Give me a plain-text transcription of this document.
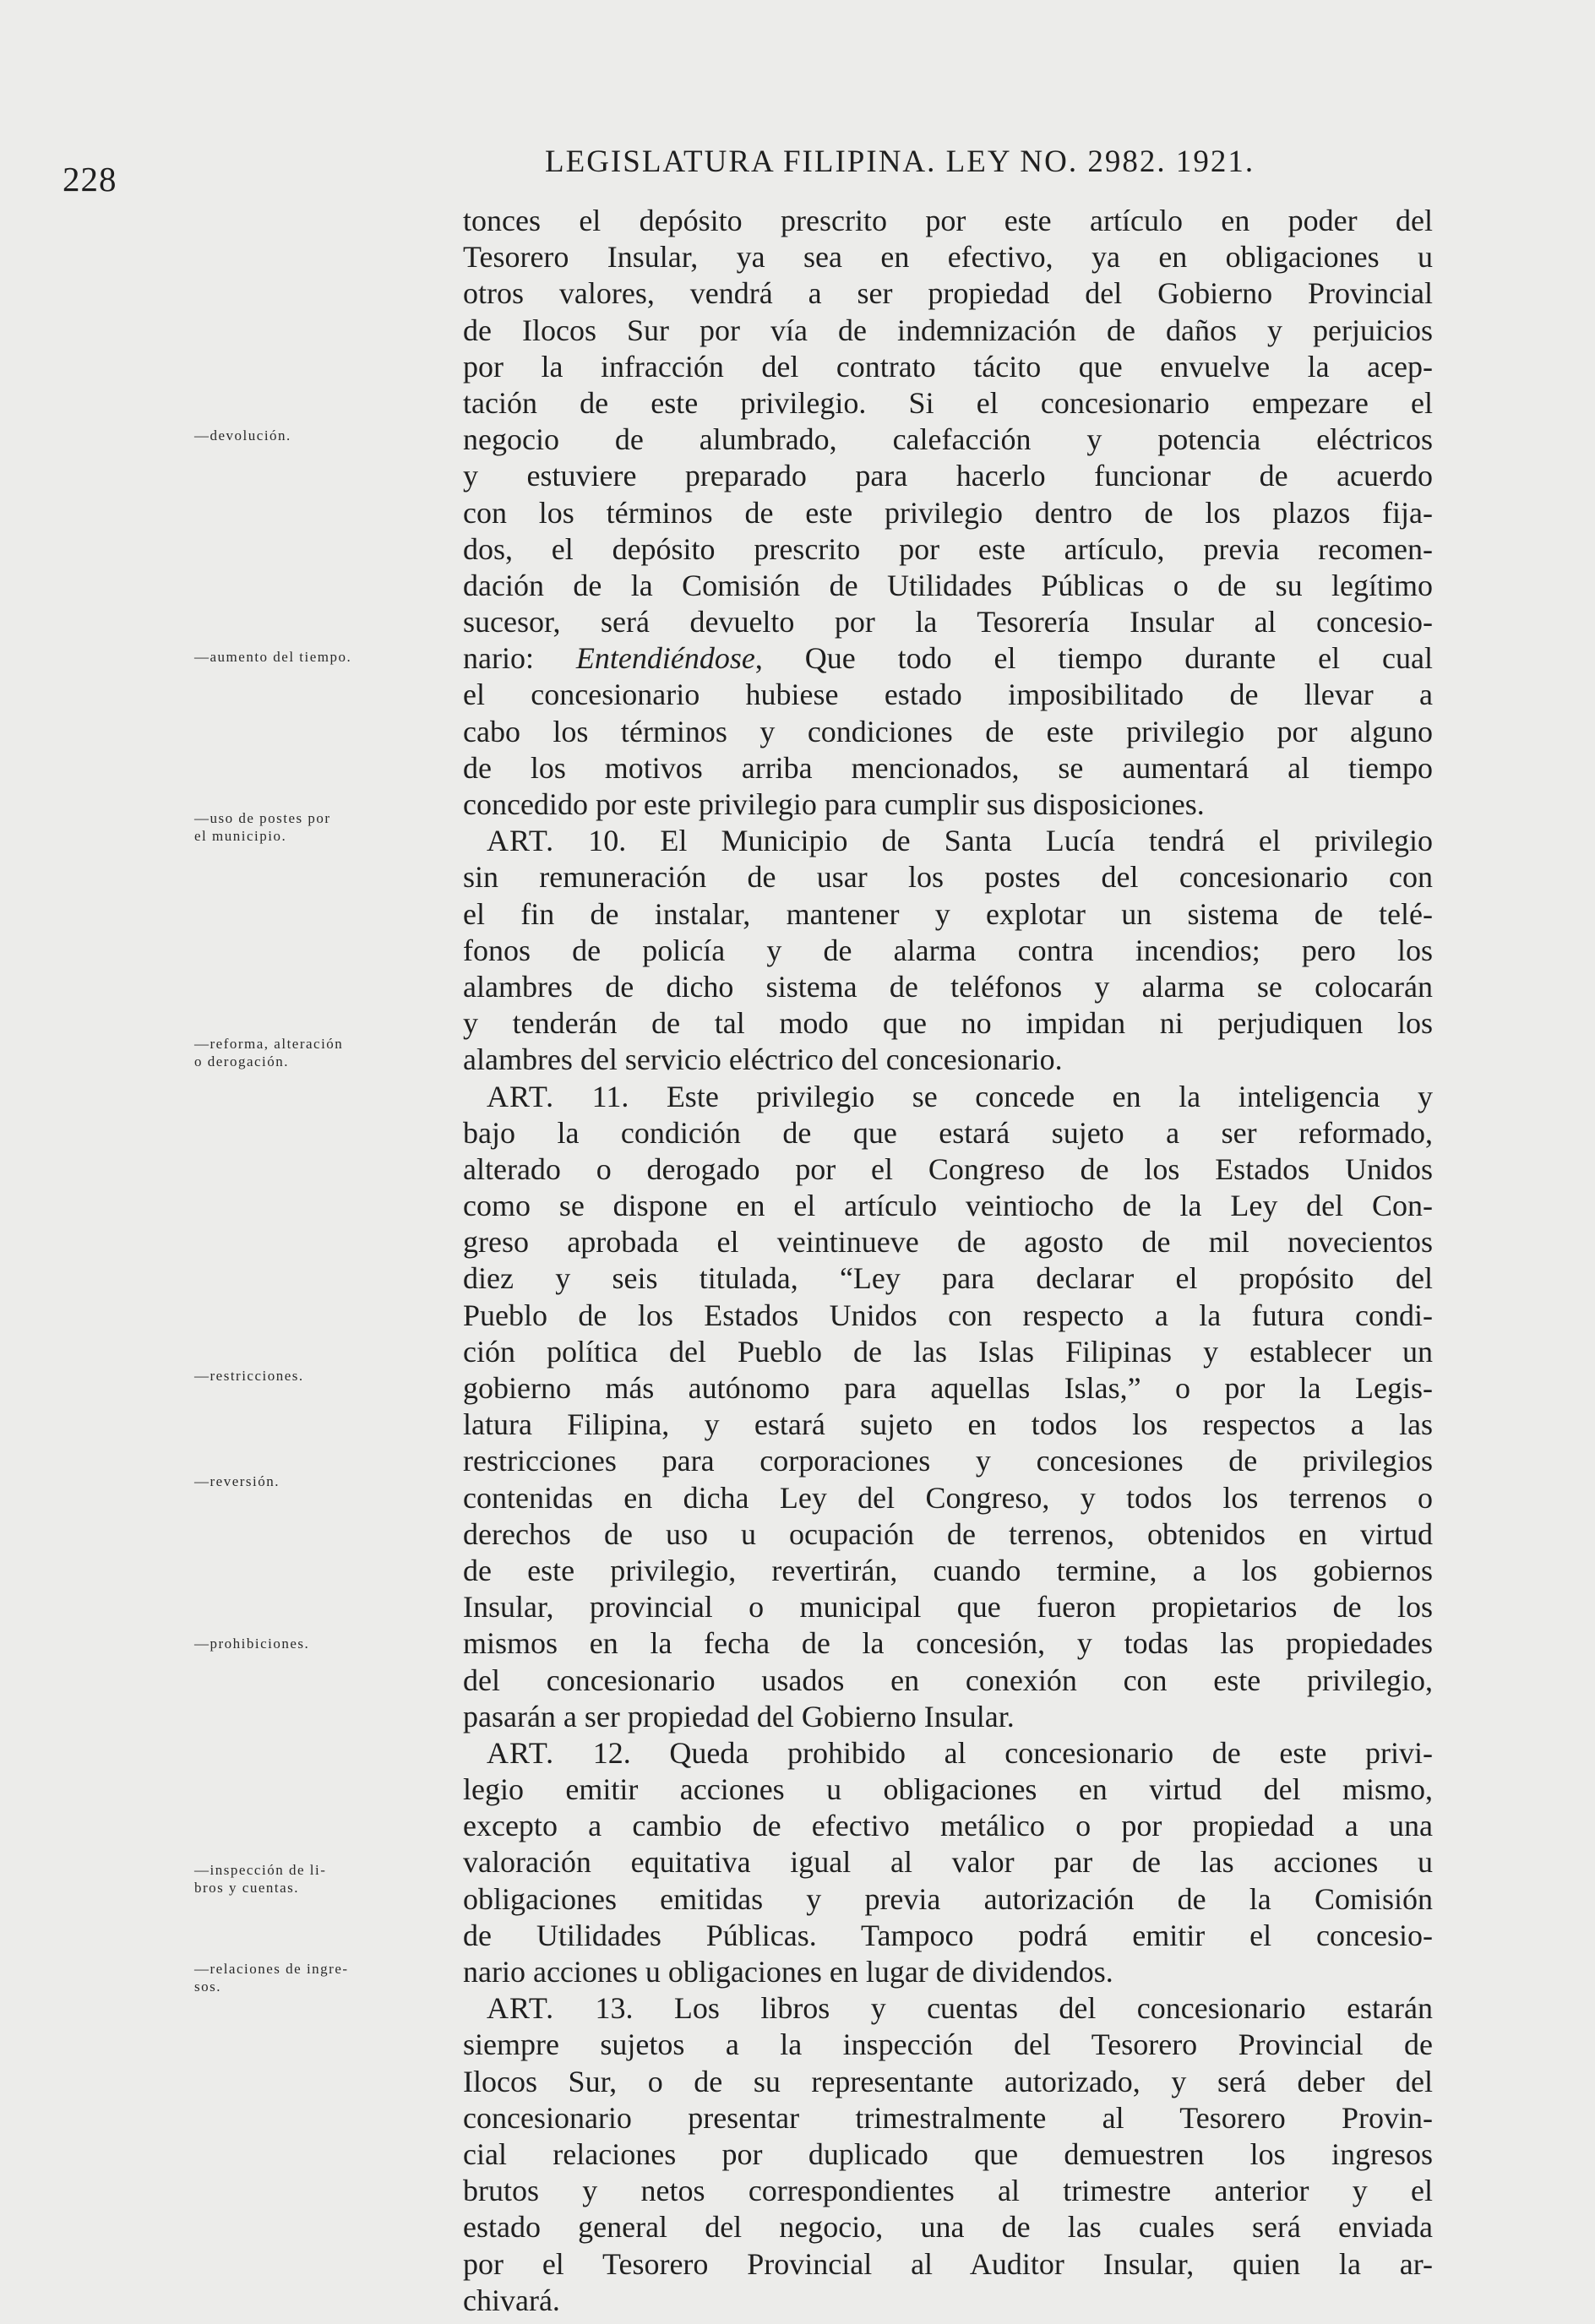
228	LEGISLATURA FILIPINA. LEY NO. 2982. 1921.
—devolución.
—aumento del tiempo.
—uso de postes por
el municipio.
—reforma, alteración
o derogación.
—restricciones.
—reversión.
—prohibiciones.
—inspección de li-
bros y cuentas.
—relaciones de ingre-
sos.
tonces el depósito prescrito por este artículo en poder del
Tesorero Insular, ya sea en efectivo, ya en obligaciones u
otros valores, vendrá a ser propiedad del Gobierno Provincial
de Ilocos Sur por vía de indemnización de daños y perjuicios
por la infracción del contrato tácito que envuelve la acep-
tación de este privilegio. Si el concesionario empezare el
negocio de alumbrado, calefacción y potencia eléctricos
y estuviere preparado para hacerlo funcionar de acuerdo
con los términos de este privilegio dentro de los plazos fija-
dos, el depósito prescrito por este artículo, previa recomen-
dación de la Comisión de Utilidades Públicas o de su legítimo
sucesor, será devuelto por la Tesorería Insular al concesio-
nario: Entendiéndose, Que todo el tiempo durante el cual
el concesionario hubiese estado imposibilitado de llevar a
cabo los términos y condiciones de este privilegio por alguno
de los motivos arriba mencionados, se aumentará al tiempo
concedido por este privilegio para cumplir sus disposiciones.
ART. 10. El Municipio de Santa Lucía tendrá el privilegio
sin remuneración de usar los postes del concesionario con
el fin de instalar, mantener y explotar un sistema de telé-
fonos de policía y de alarma contra incendios; pero los
alambres de dicho sistema de teléfonos y alarma se colocarán
y tenderán de tal modo que no impidan ni perjudiquen los
alambres del servicio eléctrico del concesionario.
ART. 11. Este privilegio se concede en la inteligencia y
bajo la condición de que estará sujeto a ser reformado,
alterado o derogado por el Congreso de los Estados Unidos
como se dispone en el artículo veintiocho de la Ley del Con-
greso aprobada el veintinueve de agosto de mil novecientos
diez y seis titulada, “Ley para declarar el propósito del
Pueblo de los Estados Unidos con respecto a la futura condi-
ción política del Pueblo de las Islas Filipinas y establecer un
gobierno más autónomo para aquellas Islas,” o por la Legis-
latura Filipina, y estará sujeto en todos los respectos a las
restricciones para corporaciones y concesiones de privilegios
contenidas en dicha Ley del Congreso, y todos los terrenos o
derechos de uso u ocupación de terrenos, obtenidos en virtud
de este privilegio, revertirán, cuando termine, a los gobiernos
Insular, provincial o municipal que fueron propietarios de los
mismos en la fecha de la concesión, y todas las propiedades
del concesionario usados en conexión con este privilegio,
pasarán a ser propiedad del Gobierno Insular.
ART. 12. Queda prohibido al concesionario de este privi-
legio emitir acciones u obligaciones en virtud del mismo,
excepto a cambio de efectivo metálico o por propiedad a una
valoración equitativa igual al valor par de las acciones u
obligaciones emitidas y previa autorización de la Comisión
de Utilidades Públicas. Tampoco podrá emitir el concesio-
nario acciones u obligaciones en lugar de dividendos.
ART. 13. Los libros y cuentas del concesionario estarán
siempre sujetos a la inspección del Tesorero Provincial de
Ilocos Sur, o de su representante autorizado, y será deber del
concesionario presentar trimestralmente al Tesorero Provin-
cial relaciones por duplicado que demuestren los ingresos
brutos y netos correspondientes al trimestre anterior y el
estado general del negocio, una de las cuales será enviada
por el Tesorero Provincial al Auditor Insular, quien la ar-
chivará.
